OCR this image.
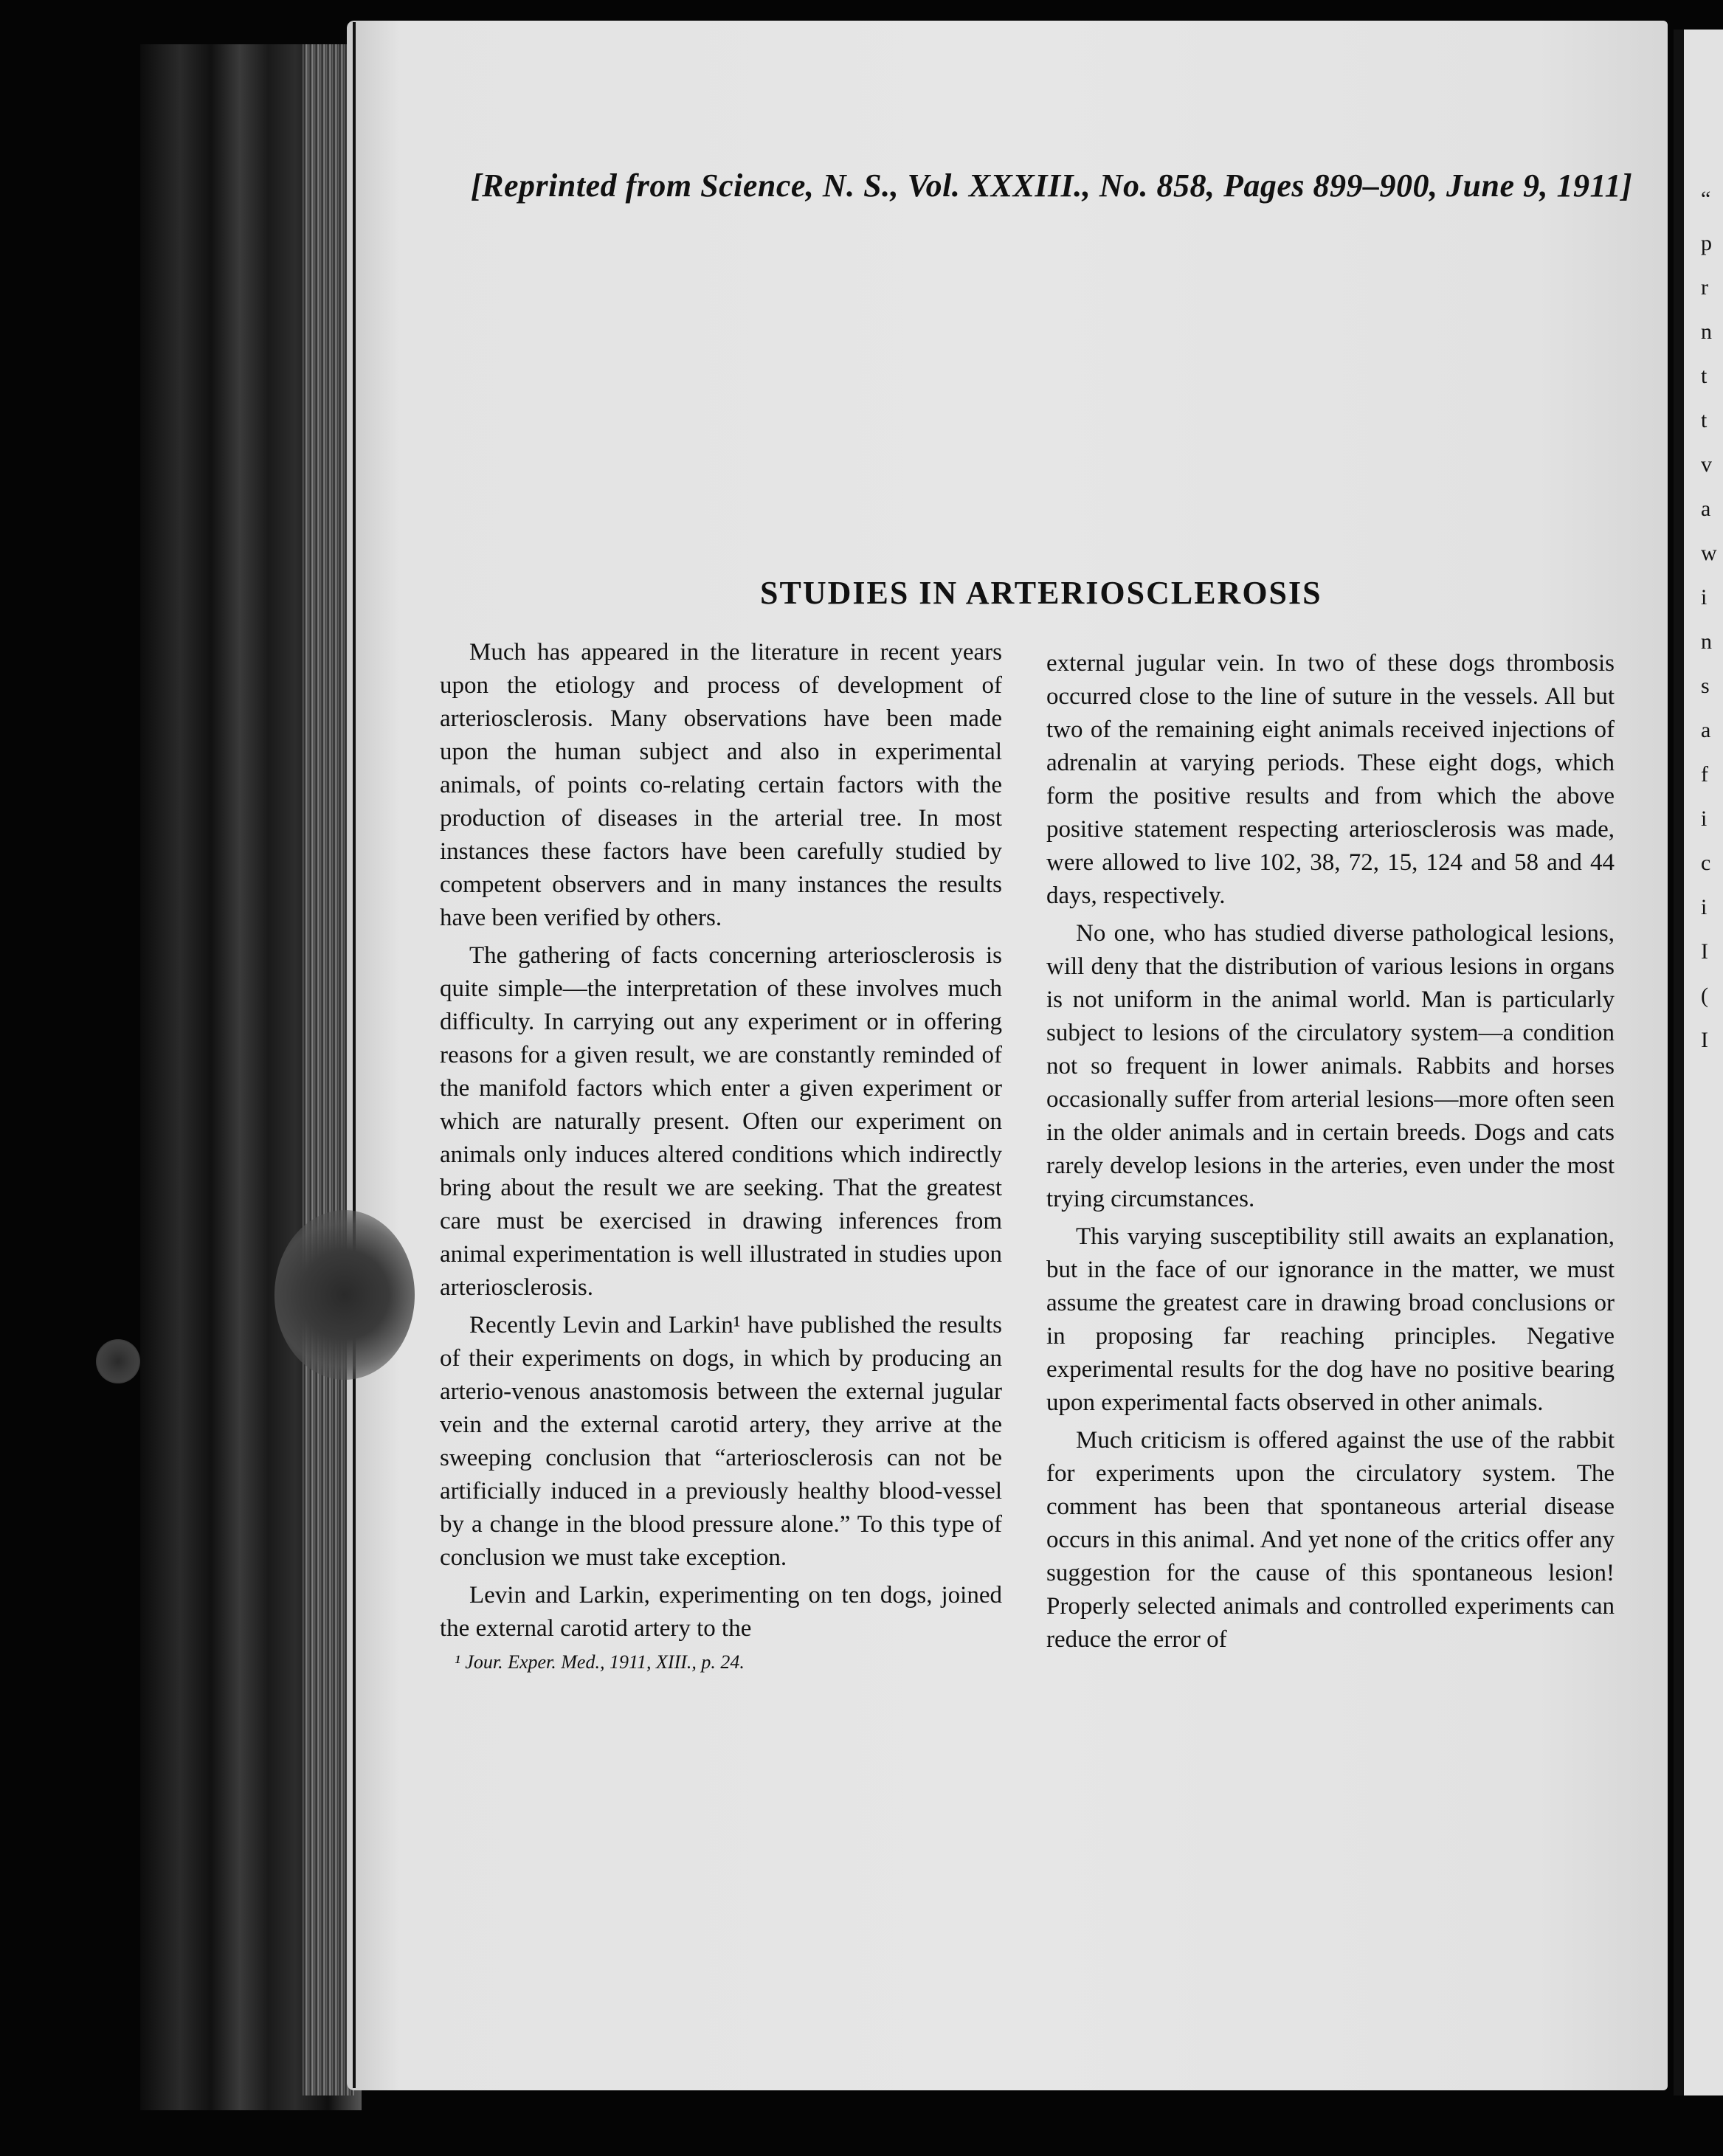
“
p
r
n
t
t
v
a
w
i
n
s
a
f
i
c
i
I
(
I
[Reprinted from Science, N. S., Vol. XXXIII., No. 858, Pages 899–900, June 9, 1911]
STUDIES IN ARTERIOSCLEROSIS

Much has appeared in the literature in recent years upon the etiology and process of development of arteriosclerosis. Many observations have been made upon the human subject and also in experimental animals, of points co-relating certain factors with the production of diseases in the arterial tree. In most instances these factors have been carefully studied by competent observers and in many instances the results have been verified by others.

The gathering of facts concerning arteriosclerosis is quite simple—the interpretation of these involves much difficulty. In carrying out any experiment or in offering reasons for a given result, we are constantly reminded of the manifold factors which enter a given experiment or which are naturally present. Often our experiment on animals only induces altered conditions which indirectly bring about the result we are seeking. That the greatest care must be exercised in drawing inferences from animal experimentation is well illustrated in studies upon arteriosclerosis.

Recently Levin and Larkin¹ have published the results of their experiments on dogs, in which by producing an arterio-venous anastomosis between the external jugular vein and the external carotid artery, they arrive at the sweeping conclusion that “arteriosclerosis can not be artificially induced in a previously healthy blood-vessel by a change in the blood pressure alone.” To this type of conclusion we must take exception.

Levin and Larkin, experimenting on ten dogs, joined the external carotid artery to the

¹ Jour. Exper. Med., 1911, XIII., p. 24.

external jugular vein. In two of these dogs thrombosis occurred close to the line of suture in the vessels. All but two of the remaining eight animals received injections of adrenalin at varying periods. These eight dogs, which form the positive results and from which the above positive statement respecting arteriosclerosis was made, were allowed to live 102, 38, 72, 15, 124 and 58 and 44 days, respectively.

No one, who has studied diverse pathological lesions, will deny that the distribution of various lesions in organs is not uniform in the animal world. Man is particularly subject to lesions of the circulatory system—a condition not so frequent in lower animals. Rabbits and horses occasionally suffer from arterial lesions—more often seen in the older animals and in certain breeds. Dogs and cats rarely develop lesions in the arteries, even under the most trying circumstances.

This varying susceptibility still awaits an explanation, but in the face of our ignorance in the matter, we must assume the greatest care in drawing broad conclusions or in proposing far reaching principles. Negative experimental results for the dog have no positive bearing upon experimental facts observed in other animals.

Much criticism is offered against the use of the rabbit for experiments upon the circulatory system. The comment has been that spontaneous arterial disease occurs in this animal. And yet none of the critics offer any suggestion for the cause of this spontaneous lesion! Properly selected animals and controlled experiments can reduce the error of
